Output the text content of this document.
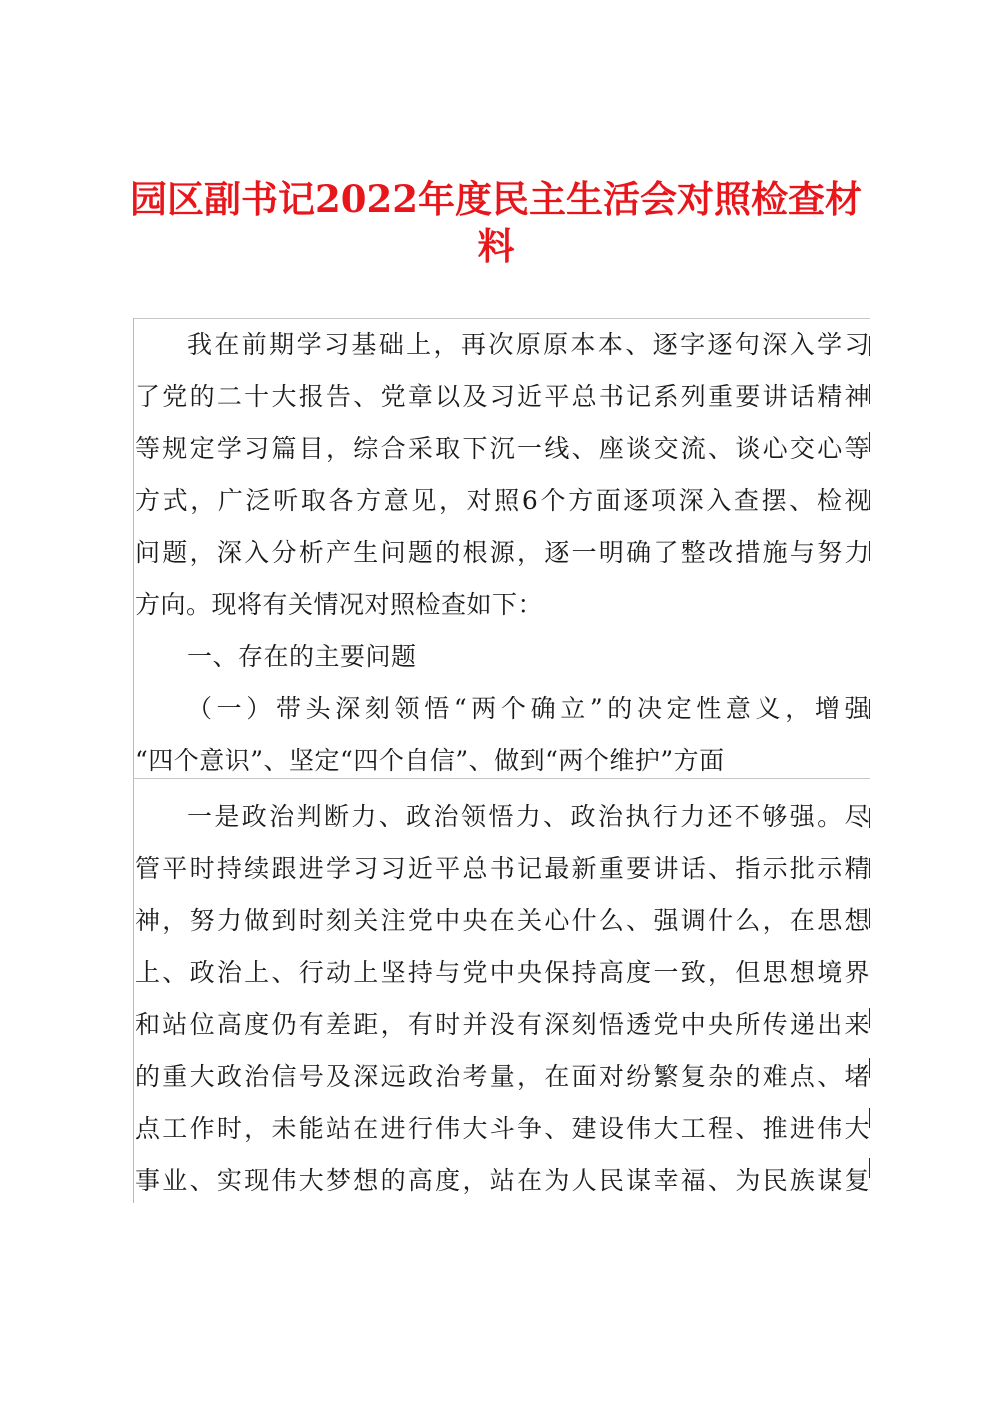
园区副书记2022年度民主生活会对照检查材
料
我在前期学习基础上，再次原原本本、逐字逐句深入学习
了党的二十大报告、党章以及习近平总书记系列重要讲话精神
等规定学习篇目，综合采取下沉一线、座谈交流、谈心交心等
方式，广泛听取各方意见，对照6个方面逐项深入查摆、检视
问题，深入分析产生问题的根源，逐一明确了整改措施与努力
方向。现将有关情况对照检查如下：
一、存在的主要问题
（一）带头深刻领悟“两个确立”的决定性意义，增强
“四个意识”、坚定“四个自信”、做到“两个维护”方面
一是政治判断力、政治领悟力、政治执行力还不够强。尽
管平时持续跟进学习习近平总书记最新重要讲话、指示批示精
神，努力做到时刻关注党中央在关心什么、强调什么，在思想
上、政治上、行动上坚持与党中央保持高度一致，但思想境界
和站位高度仍有差距，有时并没有深刻悟透党中央所传递出来
的重大政治信号及深远政治考量，在面对纷繁复杂的难点、堵
点工作时，未能站在进行伟大斗争、建设伟大工程、推进伟大
事业、实现伟大梦想的高度，站在为人民谋幸福、为民族谋复
